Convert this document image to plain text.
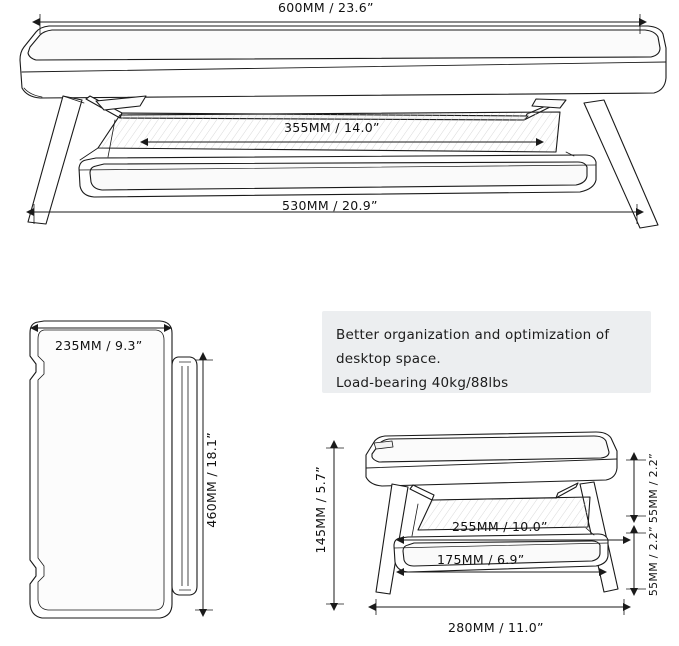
600MM / 23.6”
355MM / 14.0”
530MM / 20.9”
235MM / 9.3”
460MM / 18.1”	145MM / 5.7”	55MM / 2.2”
55MM / 2.2”
255MM / 10.0”
175MM / 6.9”
280MM / 11.0”
Better organization and optimization of
desktop space.
Load-bearing 40kg/88lbs
